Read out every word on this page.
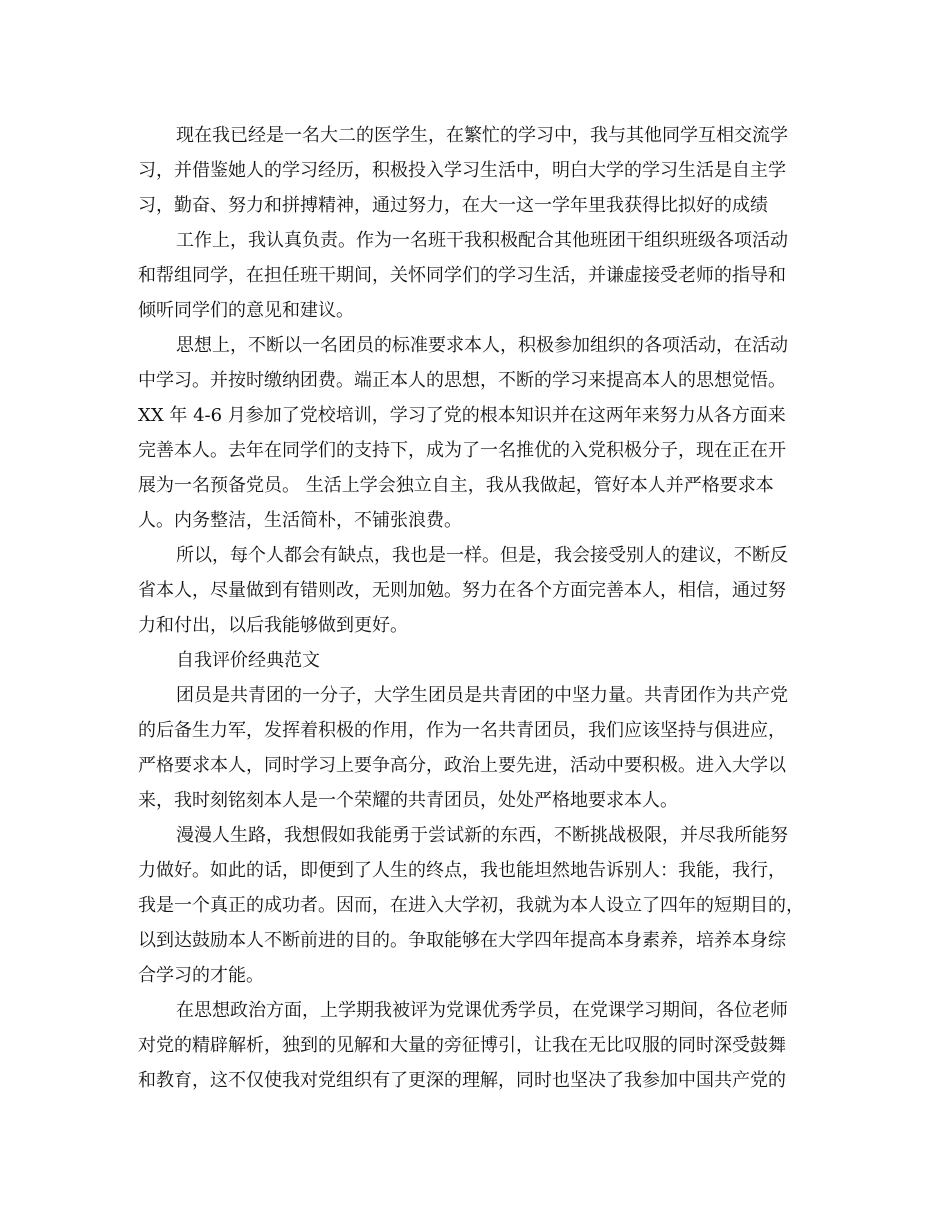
现在我已经是一名大二的医学生，在繁忙的学习中，我与其他同学互相交流学
习，并借鉴她人的学习经历，积极投入学习生活中，明白大学的学习生活是自主学
习，勤奋、努力和拼搏精神，通过努力，在大一这一学年里我获得比拟好的成绩
工作上，我认真负责。作为一名班干我积极配合其他班团干组织班级各项活动
和帮组同学，在担任班干期间，关怀同学们的学习生活，并谦虚接受老师的指导和
倾听同学们的意见和建议。
思想上，不断以一名团员的标准要求本人，积极参加组织的各项活动，在活动
中学习。并按时缴纳团费。端正本人的思想，不断的学习来提高本人的思想觉悟。
XX 年 4-6 月参加了党校培训，学习了党的根本知识并在这两年来努力从各方面来
完善本人。去年在同学们的支持下，成为了一名推优的入党积极分子，现在正在开
展为一名预备党员。 生活上学会独立自主，我从我做起，管好本人并严格要求本
人。内务整洁，生活简朴，不铺张浪费。
所以，每个人都会有缺点，我也是一样。但是，我会接受别人的建议，不断反
省本人，尽量做到有错则改，无则加勉。努力在各个方面完善本人，相信，通过努
力和付出，以后我能够做到更好。
自我评价经典范文
团员是共青团的一分子，大学生团员是共青团的中坚力量。共青团作为共产党
的后备生力军，发挥着积极的作用，作为一名共青团员，我们应该坚持与俱进应，
严格要求本人，同时学习上要争高分，政治上要先进，活动中要积极。进入大学以
来，我时刻铭刻本人是一个荣耀的共青团员，处处严格地要求本人。
漫漫人生路，我想假如我能勇于尝试新的东西，不断挑战极限，并尽我所能努
力做好。如此的话，即便到了人生的终点，我也能坦然地告诉别人：我能，我行，
我是一个真正的成功者。因而，在进入大学初，我就为本人设立了四年的短期目的，
以到达鼓励本人不断前进的目的。争取能够在大学四年提高本身素养，培养本身综
合学习的才能。
在思想政治方面，上学期我被评为党课优秀学员，在党课学习期间，各位老师
对党的精辟解析，独到的见解和大量的旁征博引，让我在无比叹服的同时深受鼓舞
和教育，这不仅使我对党组织有了更深的理解，同时也坚决了我参加中国共产党的
